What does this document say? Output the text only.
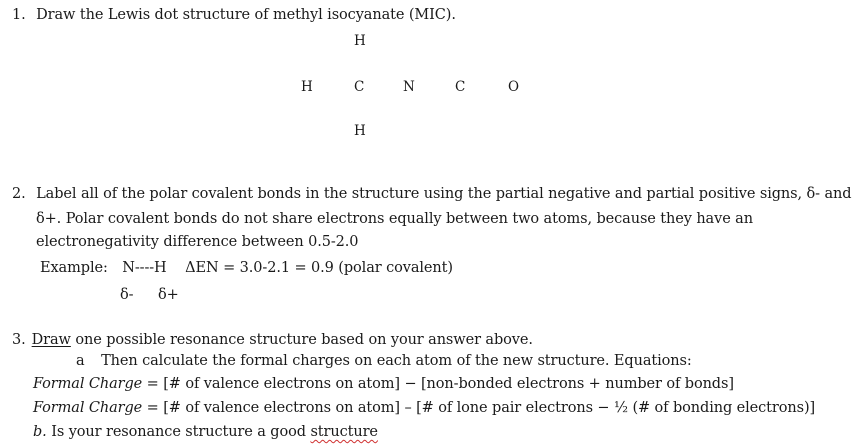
1. Draw the Lewis dot structure of methyl isocyanate (MIC).
H
H	C	N	C	O
H
2. Label all of the polar covalent bonds in the structure using the partial negative and partial positive signs, δ- and
δ+. Polar covalent bonds do not share electrons equally between two atoms, because they have an
electronegativity difference between 0.5-2.0
Example: N----H ΔEN = 3.0-2.1 = 0.9 (polar covalent)
δ- δ+
3. Draw one possible resonance structure based on your answer above.
a Then calculate the formal charges on each atom of the new structure. Equations:
Formal Charge = [# of valence electrons on atom] − [non-bonded electrons + number of bonds]
Formal Charge = [# of valence electrons on atom] – [# of lone pair electrons − ½ (# of bonding electrons)]
b. Is your resonance structure a good structure
